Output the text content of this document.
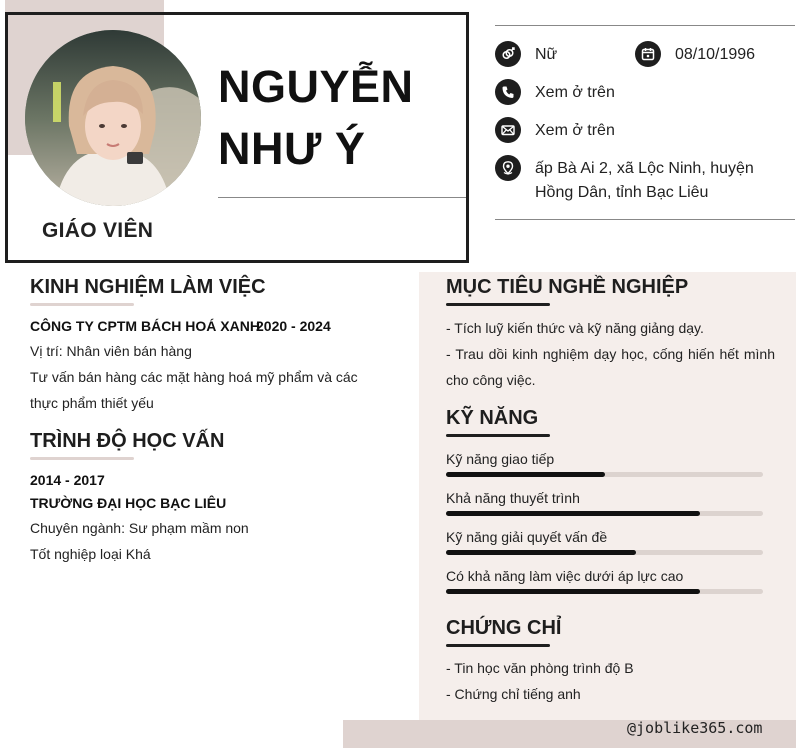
NGUYỄN
NHƯ Ý
GIÁO VIÊN
Nữ	08/10/1996
Xem ở trên
Xem ở trên
ấp Bà Ai 2, xã Lộc Ninh, huyện
Hồng Dân, tỉnh Bạc Liêu
KINH NGHIỆM LÀM VIỆC
CÔNG TY CPTM BÁCH HOÁ XANH
2020 - 2024
Vị trí: Nhân viên bán hàng
Tư vấn bán hàng các mặt hàng hoá mỹ phẩm và các
thực phẩm thiết yếu
TRÌNH ĐỘ HỌC VẤN
2014 - 2017
TRƯỜNG ĐẠI HỌC BẠC LIÊU
Chuyên ngành: Sư phạm mầm non
Tốt nghiệp loại Khá
MỤC TIÊU NGHỀ NGHIỆP
- Tích luỹ kiến thức và kỹ năng giảng dạy.
- Trau dồi kinh nghiệm dạy học, cống hiến hết mình
cho công việc.
KỸ NĂNG
Kỹ năng giao tiếp
Khả năng thuyết trình
Kỹ năng giải quyết vấn đề
Có khả năng làm việc dưới áp lực cao
CHỨNG CHỈ
- Tin học văn phòng trình độ B
- Chứng chỉ tiếng anh
@joblike365.com
